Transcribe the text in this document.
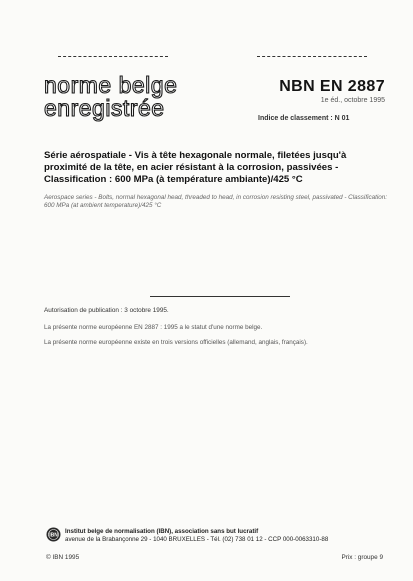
norme belge
enregistrée
NBN EN 2887
1e éd., octobre 1995
Indice de classement : N 01
Série aérospatiale - Vis à tête hexagonale normale, filetées jusqu'à proximité de la tête, en acier résistant à la corrosion, passivées - Classification : 600 MPa (à température ambiante)/425 °C
Aerospace series - Bolts, normal hexagonal head, threaded to head, in corrosion resisting steel, passivated - Classification: 600 MPa (at ambient temperature)/425 °C
Autorisation de publication : 3 octobre 1995.
La présente norme européenne EN 2887 : 1995 a le statut d'une norme belge.
La présente norme européenne existe en trois versions officielles (allemand, anglais, français).
IBN
Institut belge de normalisation (IBN), association sans but lucratif
avenue de la Brabançonne 29 - 1040 BRUXELLES - Tél. (02) 738 01 12 - CCP 000-0063310-88
© IBN 1995	Prix : groupe 9
